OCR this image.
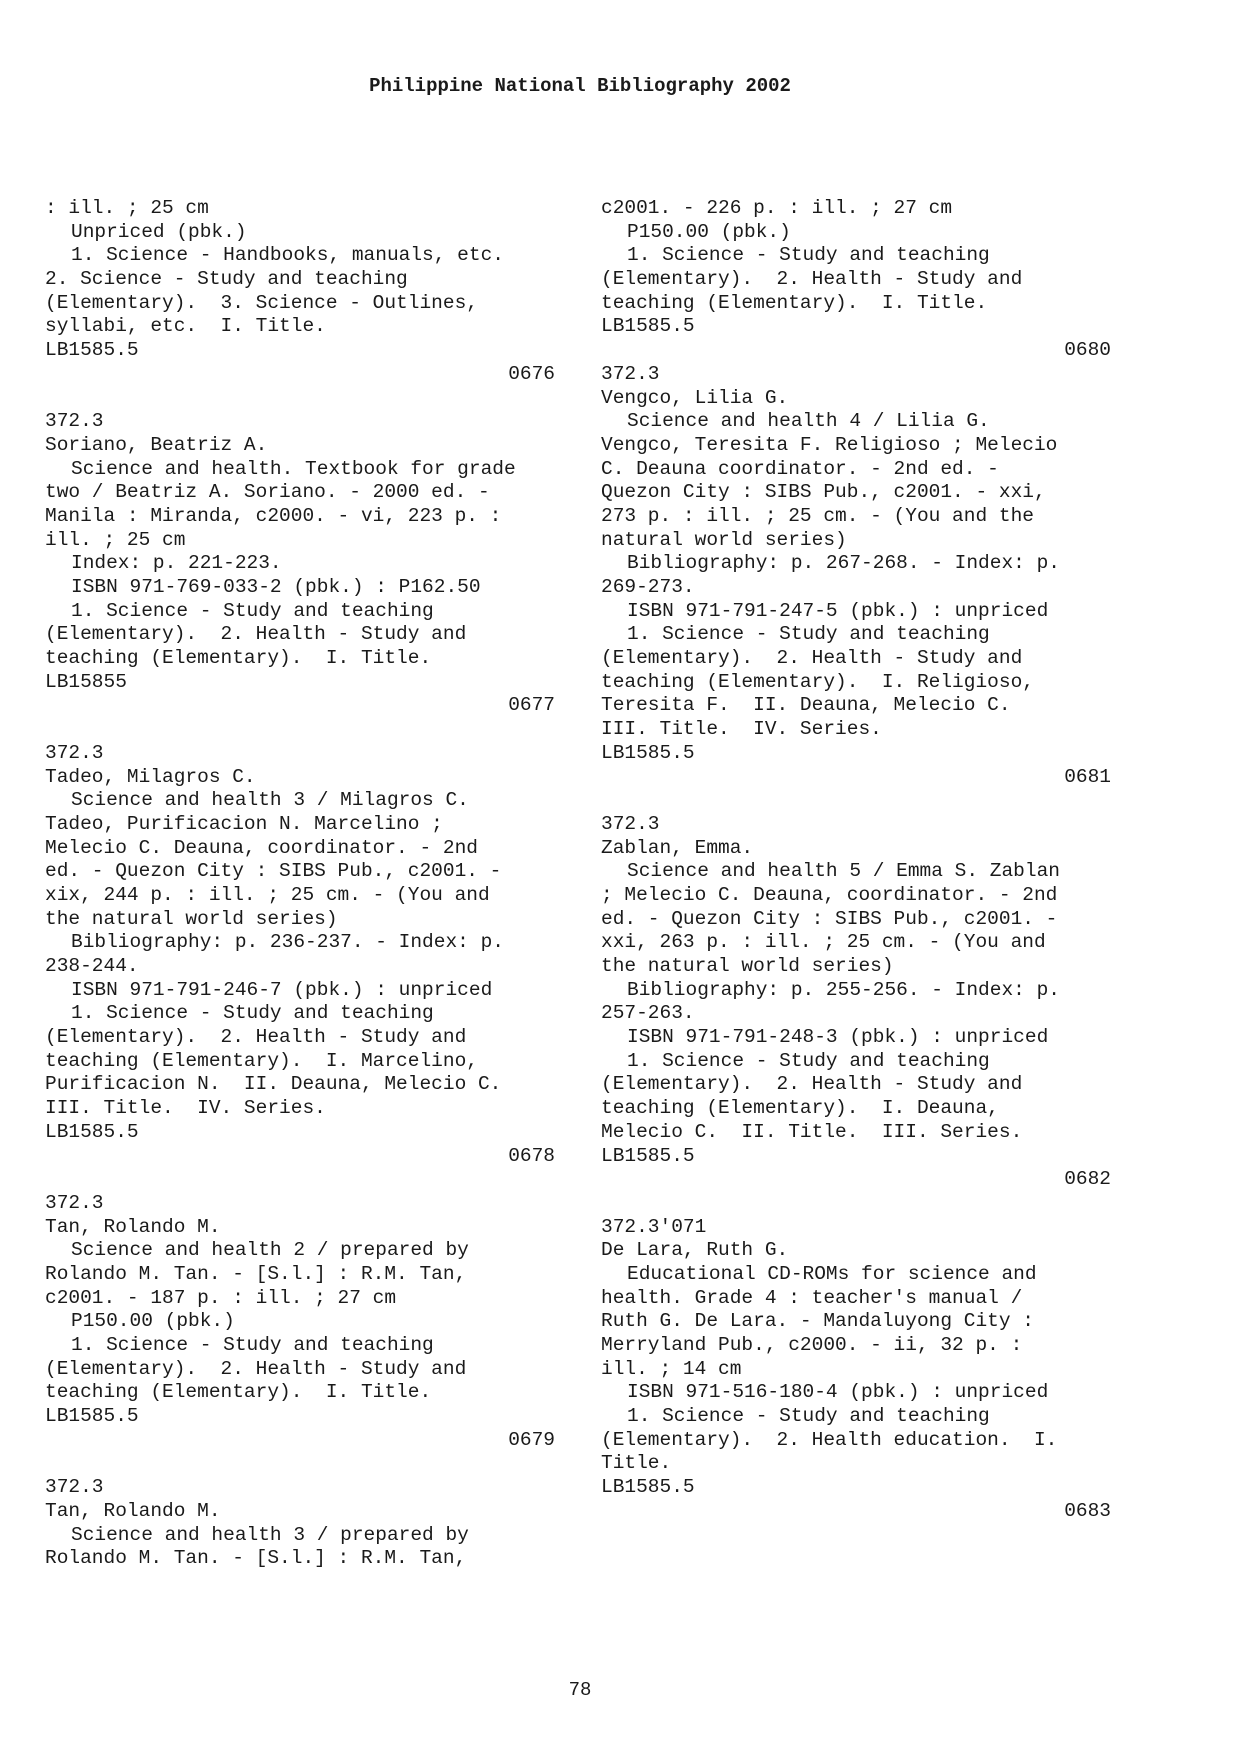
Philippine National Bibliography 2002
: ill. ; 25 cm
Unpriced (pbk.)
1. Science - Handbooks, manuals, etc.
2. Science - Study and teaching
(Elementary).  3. Science - Outlines,
syllabi, etc.  I. Title.
LB1585.5
0676
372.3
Soriano, Beatriz A.
Science and health. Textbook for grade
two / Beatriz A. Soriano. - 2000 ed. -
Manila : Miranda, c2000. - vi, 223 p. :
ill. ; 25 cm
Index: p. 221-223.
ISBN 971-769-033-2 (pbk.) : P162.50
1. Science - Study and teaching
(Elementary).  2. Health - Study and
teaching (Elementary).  I. Title.
LB15855
0677
372.3
Tadeo, Milagros C.
Science and health 3 / Milagros C.
Tadeo, Purificacion N. Marcelino ;
Melecio C. Deauna, coordinator. - 2nd
ed. - Quezon City : SIBS Pub., c2001. -
xix, 244 p. : ill. ; 25 cm. - (You and
the natural world series)
Bibliography: p. 236-237. - Index: p.
238-244.
ISBN 971-791-246-7 (pbk.) : unpriced
1. Science - Study and teaching
(Elementary).  2. Health - Study and
teaching (Elementary).  I. Marcelino,
Purificacion N.  II. Deauna, Melecio C.
III. Title.  IV. Series.
LB1585.5
0678
372.3
Tan, Rolando M.
Science and health 2 / prepared by
Rolando M. Tan. - [S.l.] : R.M. Tan,
c2001. - 187 p. : ill. ; 27 cm
P150.00 (pbk.)
1. Science - Study and teaching
(Elementary).  2. Health - Study and
teaching (Elementary).  I. Title.
LB1585.5
0679
372.3
Tan, Rolando M.
Science and health 3 / prepared by
Rolando M. Tan. - [S.l.] : R.M. Tan,
c2001. - 226 p. : ill. ; 27 cm
P150.00 (pbk.)
1. Science - Study and teaching
(Elementary).  2. Health - Study and
teaching (Elementary).  I. Title.
LB1585.5
0680
372.3
Vengco, Lilia G.
Science and health 4 / Lilia G.
Vengco, Teresita F. Religioso ; Melecio
C. Deauna coordinator. - 2nd ed. -
Quezon City : SIBS Pub., c2001. - xxi,
273 p. : ill. ; 25 cm. - (You and the
natural world series)
Bibliography: p. 267-268. - Index: p.
269-273.
ISBN 971-791-247-5 (pbk.) : unpriced
1. Science - Study and teaching
(Elementary).  2. Health - Study and
teaching (Elementary).  I. Religioso,
Teresita F.  II. Deauna, Melecio C.
III. Title.  IV. Series.
LB1585.5
0681
372.3
Zablan, Emma.
Science and health 5 / Emma S. Zablan
; Melecio C. Deauna, coordinator. - 2nd
ed. - Quezon City : SIBS Pub., c2001. -
xxi, 263 p. : ill. ; 25 cm. - (You and
the natural world series)
Bibliography: p. 255-256. - Index: p.
257-263.
ISBN 971-791-248-3 (pbk.) : unpriced
1. Science - Study and teaching
(Elementary).  2. Health - Study and
teaching (Elementary).  I. Deauna,
Melecio C.  II. Title.  III. Series.
LB1585.5
0682
372.3'071
De Lara, Ruth G.
Educational CD-ROMs for science and
health. Grade 4 : teacher's manual /
Ruth G. De Lara. - Mandaluyong City :
Merryland Pub., c2000. - ii, 32 p. :
ill. ; 14 cm
ISBN 971-516-180-4 (pbk.) : unpriced
1. Science - Study and teaching
(Elementary).  2. Health education.  I.
Title.
LB1585.5
0683
78
